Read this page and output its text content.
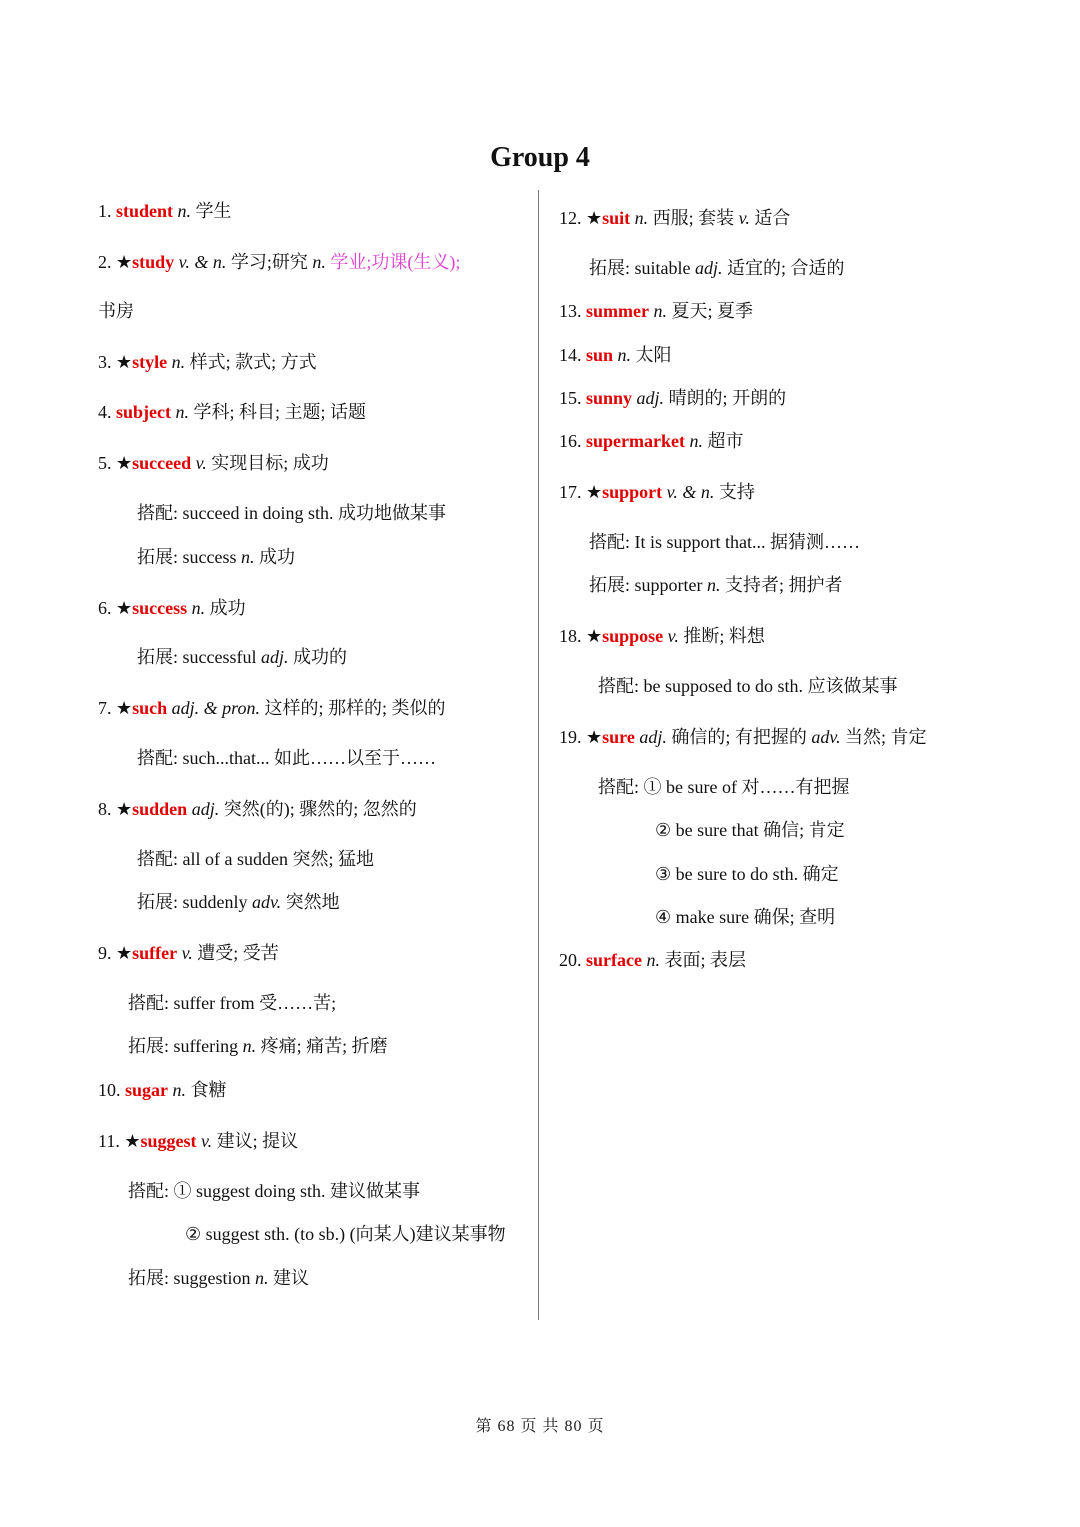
Group 4
1. student n. 学生
2. ★study v. & n. 学习;研究 n. 学业;功课(生义);
书房
3. ★style n. 样式; 款式; 方式
4. subject n. 学科; 科目; 主题; 话题
5. ★succeed v. 实现目标; 成功
搭配: succeed in doing sth. 成功地做某事
拓展: success n. 成功
6. ★success n. 成功
拓展: successful adj. 成功的
7. ★such adj. & pron. 这样的; 那样的; 类似的
搭配: such...that... 如此……以至于……
8. ★sudden adj. 突然(的); 骤然的; 忽然的
搭配: all of a sudden 突然; 猛地
拓展: suddenly adv. 突然地
9. ★suffer v. 遭受; 受苦
搭配: suffer from 受……苦;
拓展: suffering n. 疼痛; 痛苦; 折磨
10. sugar n. 食糖
11. ★suggest v. 建议; 提议
搭配: ① suggest doing sth. 建议做某事
② suggest sth. (to sb.) (向某人)建议某事物
拓展: suggestion n. 建议
12. ★suit n. 西服; 套装 v. 适合
拓展: suitable adj. 适宜的; 合适的
13. summer n. 夏天; 夏季
14. sun n. 太阳
15. sunny adj. 晴朗的; 开朗的
16. supermarket n. 超市
17. ★support v. & n. 支持
搭配: It is support that... 据猜测……
拓展: supporter n. 支持者; 拥护者
18. ★suppose v. 推断; 料想
搭配: be supposed to do sth. 应该做某事
19. ★sure adj. 确信的; 有把握的 adv. 当然; 肯定
搭配: ① be sure of 对……有把握
② be sure that 确信; 肯定
③ be sure to do sth. 确定
④ make sure 确保; 查明
20. surface n. 表面; 表层
第 68 页 共 80 页
